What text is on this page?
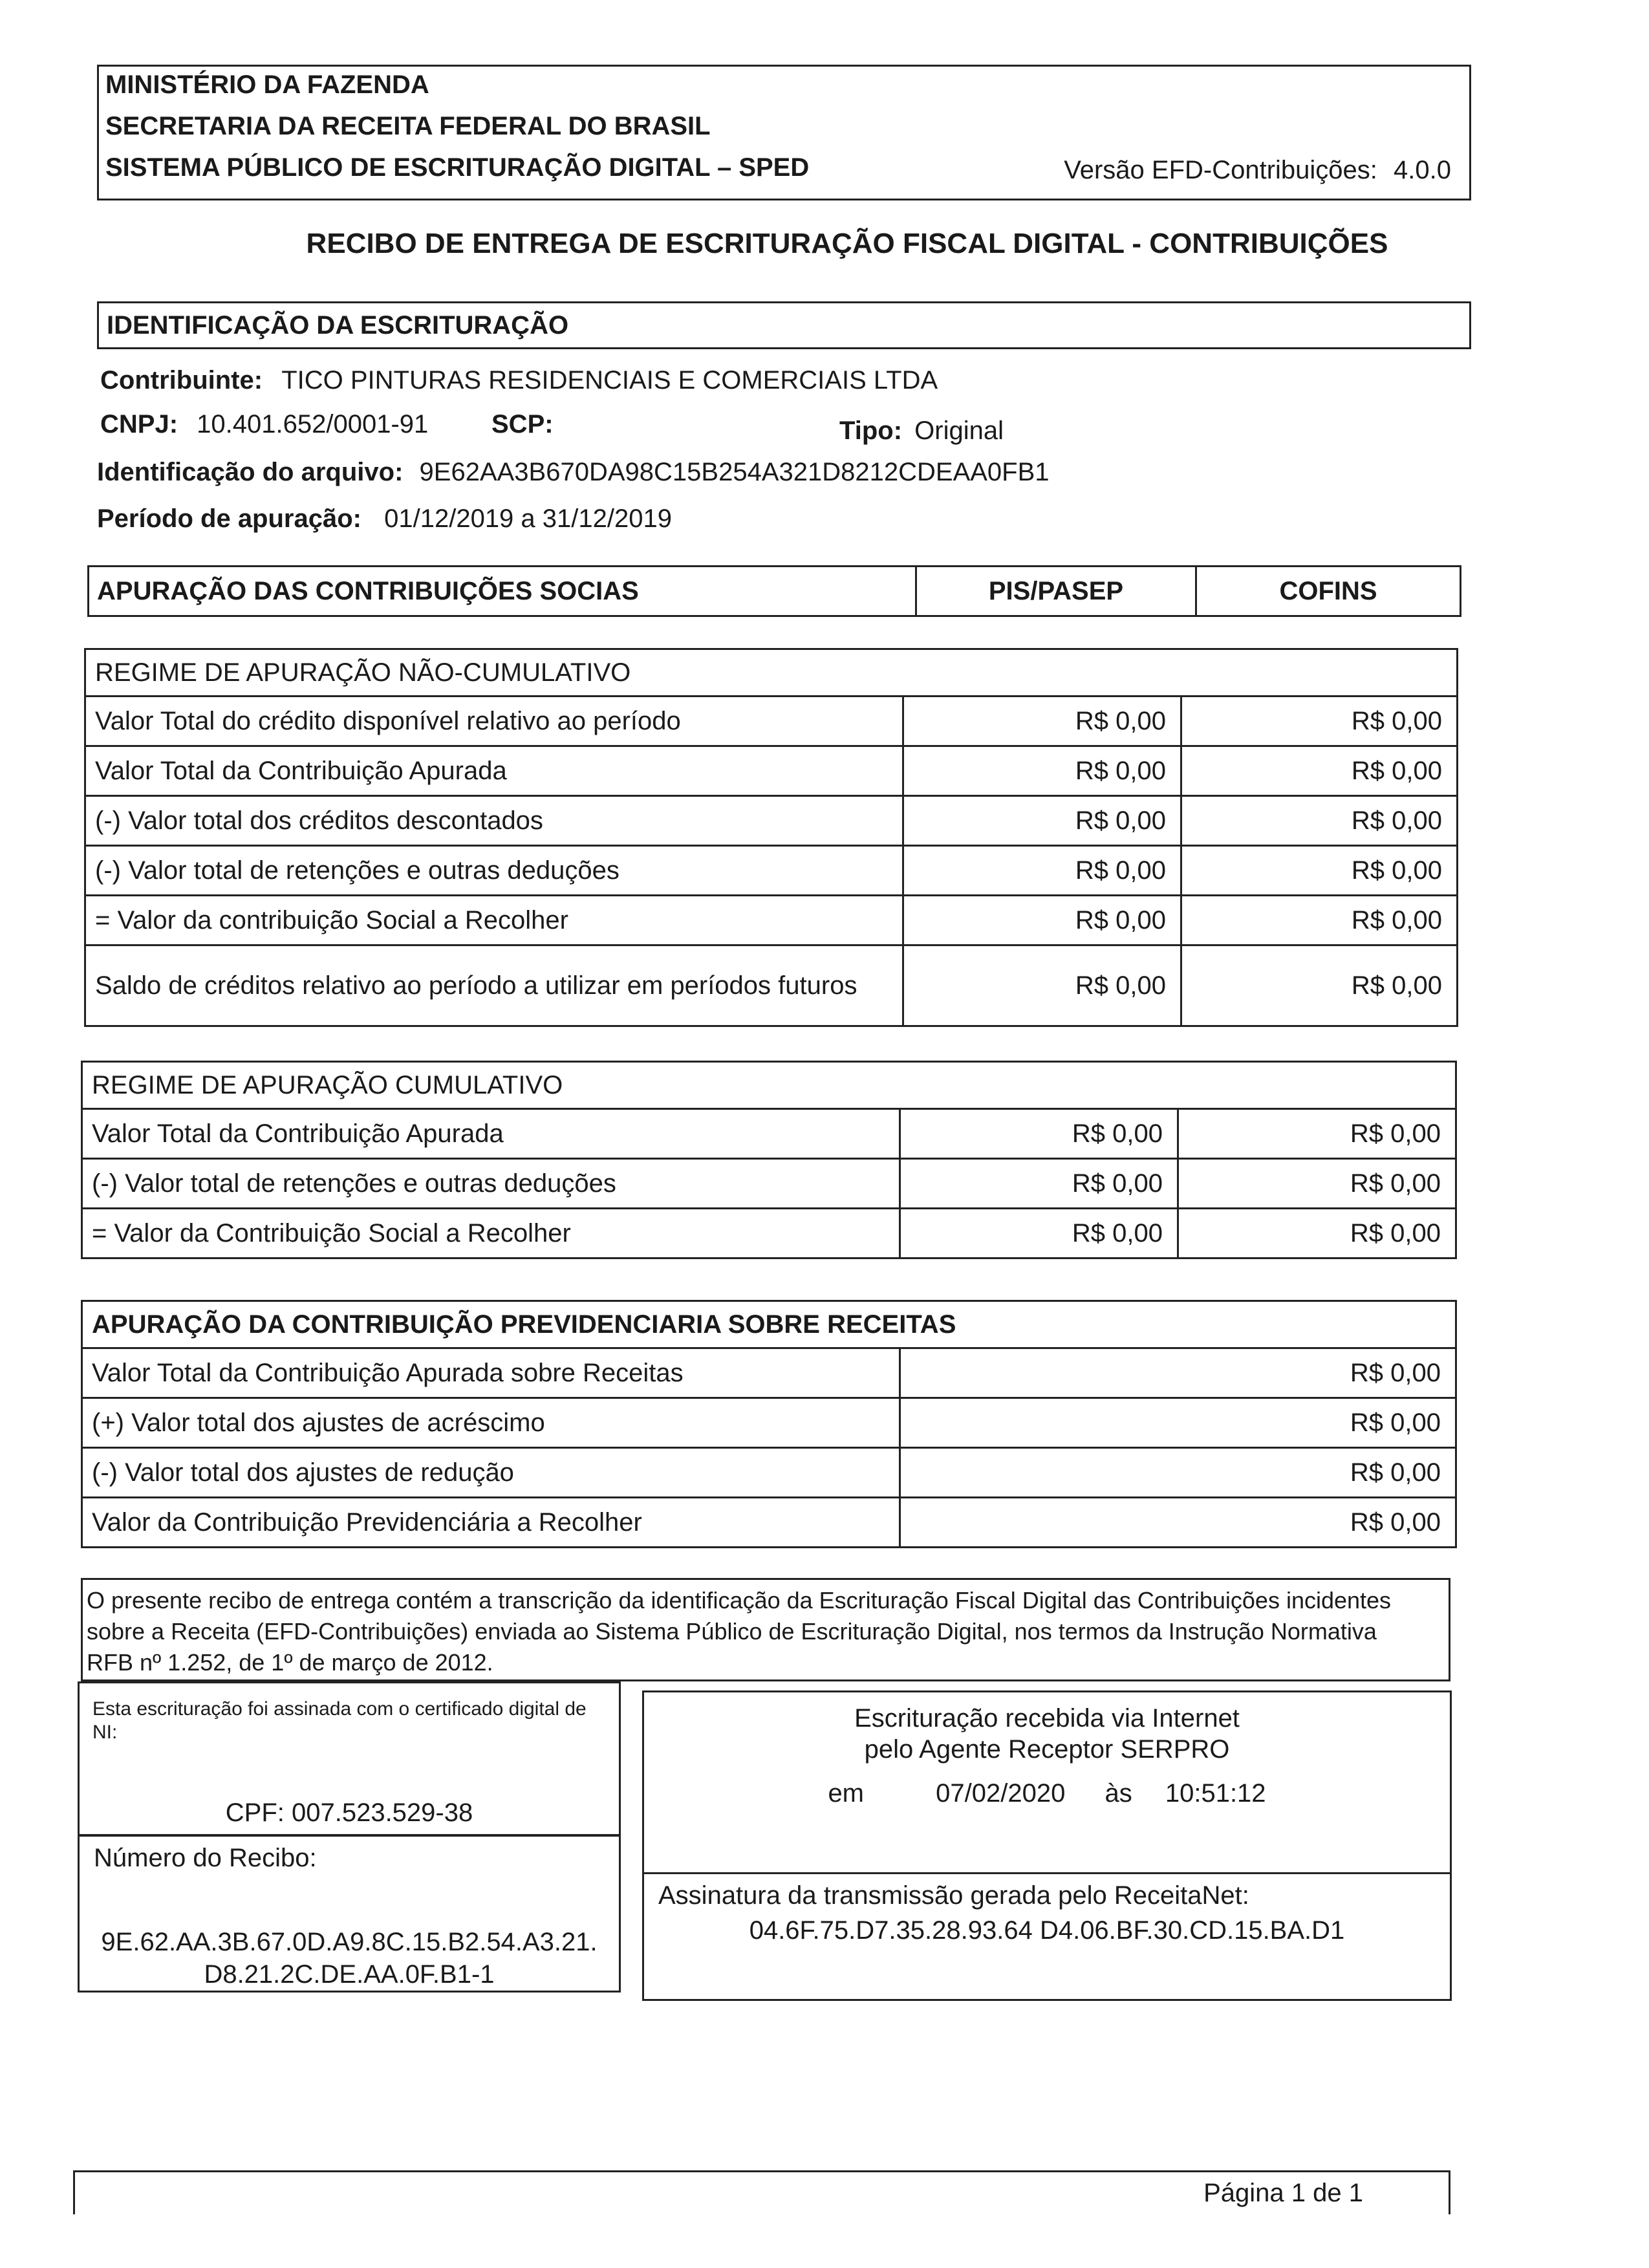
MINISTÉRIO DA FAZENDA
SECRETARIA DA RECEITA FEDERAL DO BRASIL
SISTEMA PÚBLICO DE ESCRITURAÇÃO DIGITAL – SPED	Versão EFD-Contribuições: 4.0.0
RECIBO DE ENTREGA DE ESCRITURAÇÃO FISCAL DIGITAL - CONTRIBUIÇÕES
IDENTIFICAÇÃO DA ESCRITURAÇÃO
Contribuinte: TICO PINTURAS RESIDENCIAIS E COMERCIAIS LTDA
CNPJ: 10.401.652/0001-91 SCP:	Tipo: Original
Identificação do arquivo: 9E62AA3B670DA98C15B254A321D8212CDEAA0FB1
Período de apuração: 01/12/2019 a 31/12/2019
APURAÇÃO DAS CONTRIBUIÇÕES SOCIAS	PIS/PASEP	COFINS
REGIME DE APURAÇÃO NÃO-CUMULATIVO		
Valor Total do crédito disponível relativo ao período	R$ 0,00	R$ 0,00
Valor Total da Contribuição Apurada	R$ 0,00	R$ 0,00
(-) Valor total dos créditos descontados	R$ 0,00	R$ 0,00
(-) Valor total de retenções e outras deduções	R$ 0,00	R$ 0,00
= Valor da contribuição Social a Recolher	R$ 0,00	R$ 0,00
Saldo de créditos relativo ao período a utilizar em períodos futuros	R$ 0,00	R$ 0,00
REGIME DE APURAÇÃO CUMULATIVO		
Valor Total da Contribuição Apurada	R$ 0,00	R$ 0,00
(-) Valor total de retenções e outras deduções	R$ 0,00	R$ 0,00
= Valor da Contribuição Social a Recolher	R$ 0,00	R$ 0,00
APURAÇÃO DA CONTRIBUIÇÃO PREVIDENCIARIA SOBRE RECEITAS	
Valor Total da Contribuição Apurada sobre Receitas	R$ 0,00
(+) Valor total dos ajustes de acréscimo	R$ 0,00
(-) Valor total dos ajustes de redução	R$ 0,00
Valor da Contribuição Previdenciária a Recolher	R$ 0,00
O presente recibo de entrega contém a transcrição da identificação da Escrituração Fiscal Digital das Contribuições incidentes
sobre a Receita (EFD-Contribuições) enviada ao Sistema Público de Escrituração Digital, nos termos da Instrução Normativa
RFB nº 1.252, de 1º de março de 2012.
Esta escrituração foi assinada com o certificado digital de NI:
CPF: 007.523.529-38
Número do Recibo:
9E.62.AA.3B.67.0D.A9.8C.15.B2.54.A3.21.
D8.21.2C.DE.AA.0F.B1-1
Escrituração recebida via Internet
pelo Agente Receptor SERPRO
em	07/02/2020 às 10:51:12
Assinatura da transmissão gerada pelo ReceitaNet:
04.6F.75.D7.35.28.93.64 D4.06.BF.30.CD.15.BA.D1
Página 1 de 1
